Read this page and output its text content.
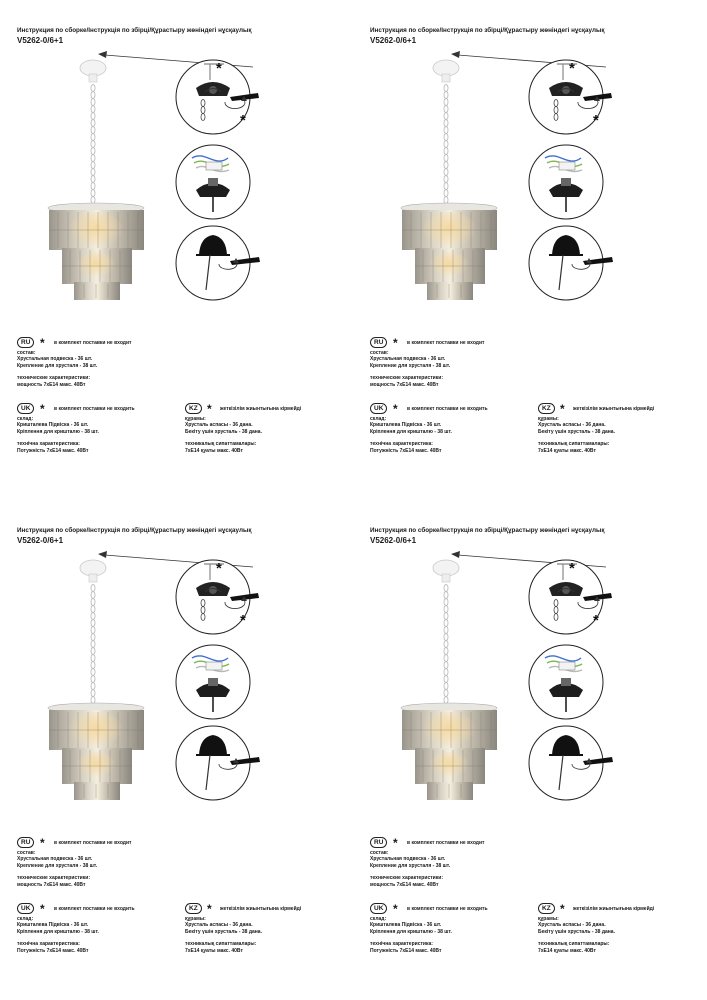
Инструкция по сборке/Інструкція по збірці/Құрастыру жөніндегі нұсқаулық
V5262-0/6+1
*
*
RU * в комплект поставки не входит
состав:
Хрустальная подвеска - 36 шт.
Крепление для хрусталя - 38 шт.
технические характеристики:
мощность 7хЕ14 макс. 40Вт
UK * в комплект поставки не входить
склад:
Кришталева Підвіска - 36 шт.
Кріплення для кришталю - 38 шт.
технічна характеристика:
Потужність 7хЕ14 макс. 40Вт
KZ * жеткізілім жиынтығына кірмейді
құрамы:
Хрусталь аспасы - 36 дана.
Бекіту үшін хрусталь - 38 дана.
техникалық сипаттамалары:
7хЕ14 қуаты макс. 40Вт
Инструкция по сборке/Інструкція по збірці/Құрастыру жөніндегі нұсқаулық
V5262-0/6+1
*
*
RU * в комплект поставки не входит
состав:
Хрустальная подвеска - 36 шт.
Крепление для хрусталя - 38 шт.
технические характеристики:
мощность 7хЕ14 макс. 40Вт
UK * в комплект поставки не входить
склад:
Кришталева Підвіска - 36 шт.
Кріплення для кришталю - 38 шт.
технічна характеристика:
Потужність 7хЕ14 макс. 40Вт
KZ * жеткізілім жиынтығына кірмейді
құрамы:
Хрусталь аспасы - 36 дана.
Бекіту үшін хрусталь - 38 дана.
техникалық сипаттамалары:
7хЕ14 қуаты макс. 40Вт
Инструкция по сборке/Інструкція по збірці/Құрастыру жөніндегі нұсқаулық
V5262-0/6+1
*
*
RU * в комплект поставки не входит
состав:
Хрустальная подвеска - 36 шт.
Крепление для хрусталя - 38 шт.
технические характеристики:
мощность 7хЕ14 макс. 40Вт
UK * в комплект поставки не входить
склад:
Кришталева Підвіска - 36 шт.
Кріплення для кришталю - 38 шт.
технічна характеристика:
Потужність 7хЕ14 макс. 40Вт
KZ * жеткізілім жиынтығына кірмейді
құрамы:
Хрусталь аспасы - 36 дана.
Бекіту үшін хрусталь - 38 дана.
техникалық сипаттамалары:
7хЕ14 қуаты макс. 40Вт
Инструкция по сборке/Інструкція по збірці/Құрастыру жөніндегі нұсқаулық
V5262-0/6+1
*
*
RU * в комплект поставки не входит
состав:
Хрустальная подвеска - 36 шт.
Крепление для хрусталя - 38 шт.
технические характеристики:
мощность 7хЕ14 макс. 40Вт
UK * в комплект поставки не входить
склад:
Кришталева Підвіска - 36 шт.
Кріплення для кришталю - 38 шт.
технічна характеристика:
Потужність 7хЕ14 макс. 40Вт
KZ * жеткізілім жиынтығына кірмейді
құрамы:
Хрусталь аспасы - 36 дана.
Бекіту үшін хрусталь - 38 дана.
техникалық сипаттамалары:
7хЕ14 қуаты макс. 40Вт
